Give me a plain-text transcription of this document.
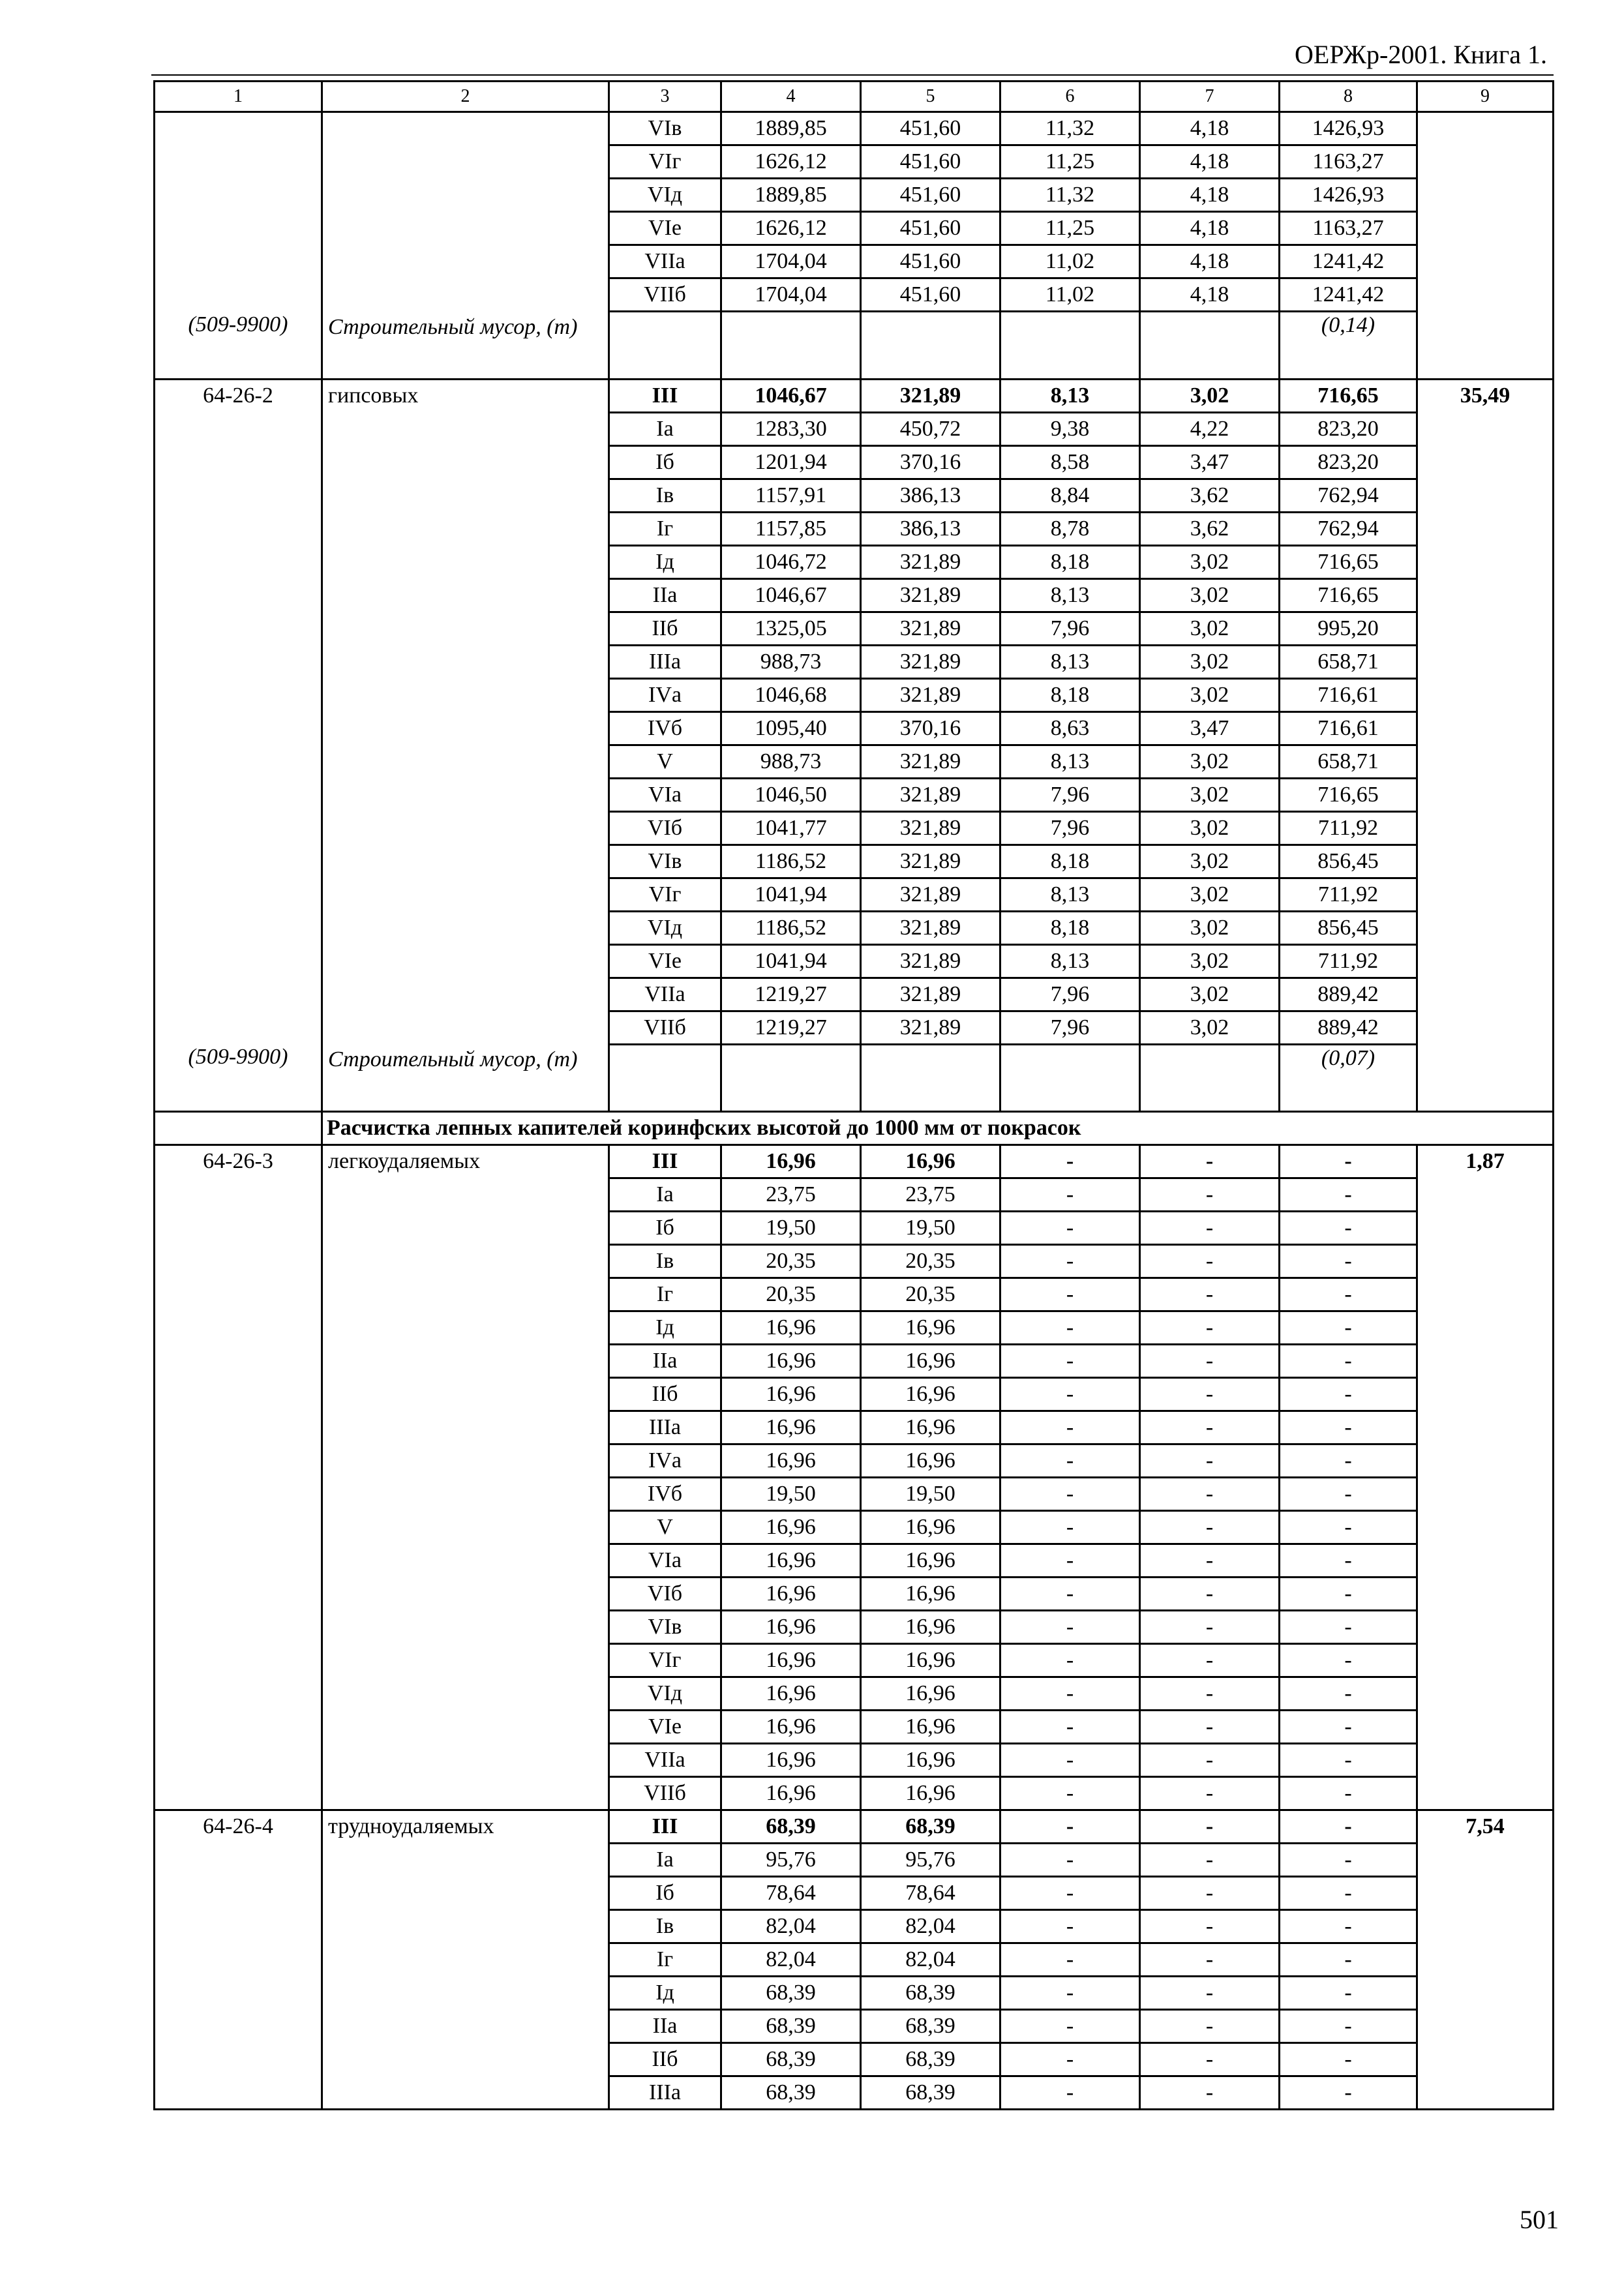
ОЕРЖр-2001. Книга 1.
1	2	3	4	5	6	7	8	9
		VIв	1889,85	451,60	11,32	4,18	1426,93	
		VIг	1626,12	451,60	11,25	4,18	1163,27	
		VIд	1889,85	451,60	11,32	4,18	1426,93	
		VIе	1626,12	451,60	11,25	4,18	1163,27	
		VIIа	1704,04	451,60	11,02	4,18	1241,42	
		VIIб	1704,04	451,60	11,02	4,18	1241,42	
(509-9900)	Строительный мусор, (т)						(0,14)	
64-26-2	гипсовых	III	1046,67	321,89	8,13	3,02	716,65	35,49
		Iа	1283,30	450,72	9,38	4,22	823,20	
		Iб	1201,94	370,16	8,58	3,47	823,20	
		Iв	1157,91	386,13	8,84	3,62	762,94	
		Iг	1157,85	386,13	8,78	3,62	762,94	
		Iд	1046,72	321,89	8,18	3,02	716,65	
		IIа	1046,67	321,89	8,13	3,02	716,65	
		IIб	1325,05	321,89	7,96	3,02	995,20	
		IIIа	988,73	321,89	8,13	3,02	658,71	
		IVа	1046,68	321,89	8,18	3,02	716,61	
		IVб	1095,40	370,16	8,63	3,47	716,61	
		V	988,73	321,89	8,13	3,02	658,71	
		VIа	1046,50	321,89	7,96	3,02	716,65	
		VIб	1041,77	321,89	7,96	3,02	711,92	
		VIв	1186,52	321,89	8,18	3,02	856,45	
		VIг	1041,94	321,89	8,13	3,02	711,92	
		VIд	1186,52	321,89	8,18	3,02	856,45	
		VIе	1041,94	321,89	8,13	3,02	711,92	
		VIIа	1219,27	321,89	7,96	3,02	889,42	
		VIIб	1219,27	321,89	7,96	3,02	889,42	
(509-9900)	Строительный мусор, (т)						(0,07)	
	Расчистка лепных капителей коринфских высотой до 1000 мм от покрасок							
64-26-3	легкоудаляемых	III	16,96	16,96	-	-	-	1,87
		Iа	23,75	23,75	-	-	-	
		Iб	19,50	19,50	-	-	-	
		Iв	20,35	20,35	-	-	-	
		Iг	20,35	20,35	-	-	-	
		Iд	16,96	16,96	-	-	-	
		IIа	16,96	16,96	-	-	-	
		IIб	16,96	16,96	-	-	-	
		IIIа	16,96	16,96	-	-	-	
		IVа	16,96	16,96	-	-	-	
		IVб	19,50	19,50	-	-	-	
		V	16,96	16,96	-	-	-	
		VIа	16,96	16,96	-	-	-	
		VIб	16,96	16,96	-	-	-	
		VIв	16,96	16,96	-	-	-	
		VIг	16,96	16,96	-	-	-	
		VIд	16,96	16,96	-	-	-	
		VIе	16,96	16,96	-	-	-	
		VIIа	16,96	16,96	-	-	-	
		VIIб	16,96	16,96	-	-	-	
64-26-4	трудноудаляемых	III	68,39	68,39	-	-	-	7,54
		Iа	95,76	95,76	-	-	-	
		Iб	78,64	78,64	-	-	-	
		Iв	82,04	82,04	-	-	-	
		Iг	82,04	82,04	-	-	-	
		Iд	68,39	68,39	-	-	-	
		IIа	68,39	68,39	-	-	-	
		IIб	68,39	68,39	-	-	-	
		IIIа	68,39	68,39	-	-	-	
501
